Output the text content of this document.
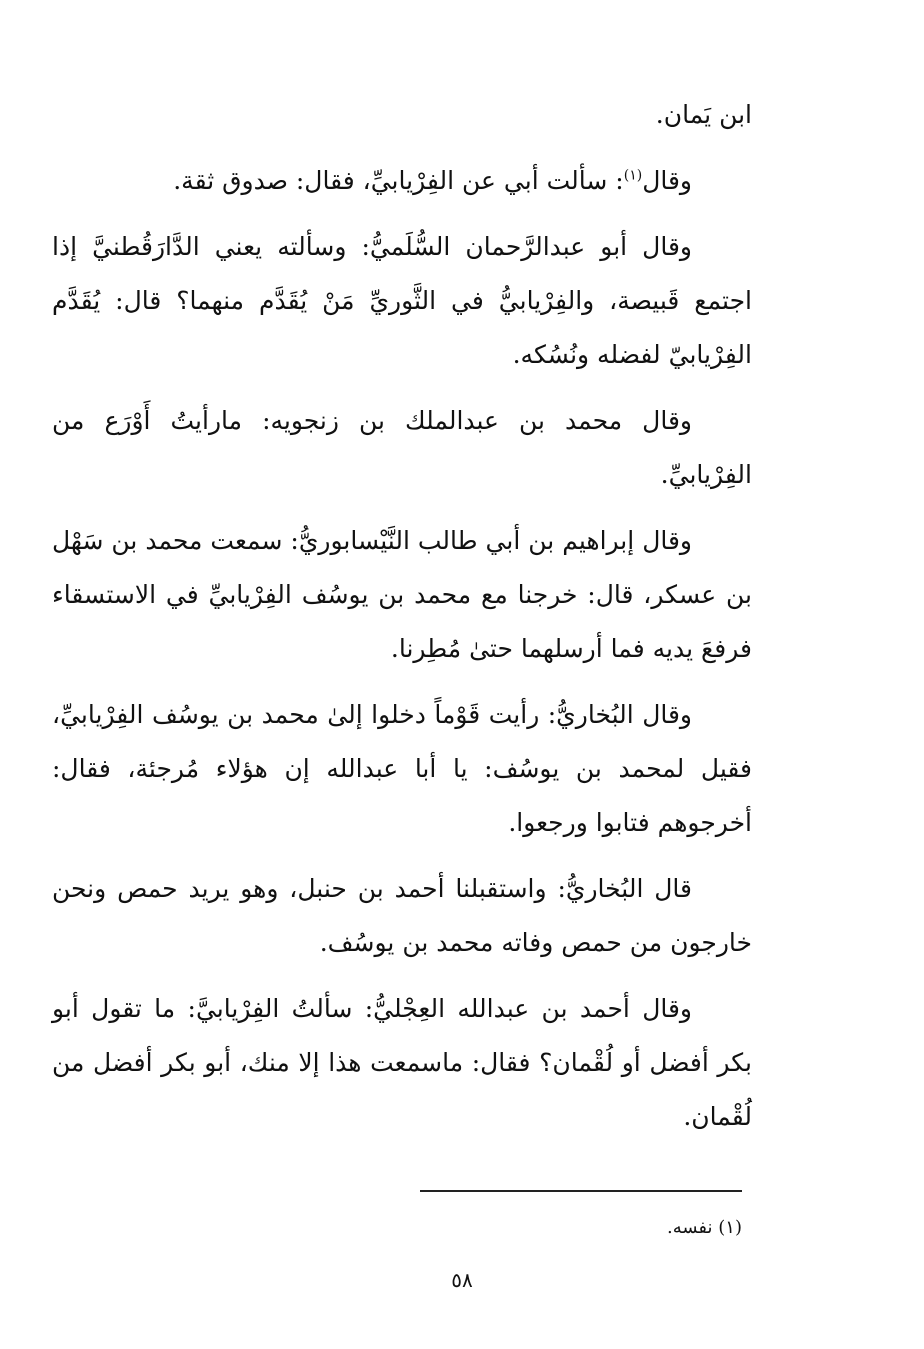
ابن يَمان.

وقال$^{(١)}$: سألت أبي عن الفِرْيابيِّ، فقال: صدوق ثقة.

وقال أبو عبدالرَّحمان السُّلَميُّ: وسألته يعني الدَّارَقُطنيَّ إذا اجتمع قَبيصة، والفِرْيابيُّ في الثَّوريِّ مَنْ يُقَدَّم منهما؟ قال: يُقَدَّم الفِرْيابيّ لفضله ونُسُكه.

وقال محمد بن عبدالملك بن زنجويه: مارأيتُ أَوْرَع من الفِرْيابيِّ.

وقال إبراهيم بن أبي طالب النَّيْسابوريُّ: سمعت محمد بن سَهْل بن عسكر، قال: خرجنا مع محمد بن يوسُف الفِرْيابيِّ في الاستسقاء فرفعَ يديه فما أرسلهما حتىٰ مُطِرنا.

وقال البُخاريُّ: رأيت قَوْماً دخلوا إلىٰ محمد بن يوسُف الفِرْيابيِّ، فقيل لمحمد بن يوسُف: يا أبا عبدالله إن هؤلاء مُرجئة، فقال: أخرجوهم فتابوا ورجعوا.

قال البُخاريُّ: واستقبلنا أحمد بن حنبل، وهو يريد حمص ونحن خارجون من حمص وفاته محمد بن يوسُف.

وقال أحمد بن عبدالله العِجْليُّ: سألتُ الفِرْيابيَّ: ما تقول أبو بكر أفضل أو لُقْمان؟ فقال: ماسمعت هذا إلا منك، أبو بكر أفضل من لُقْمان.

(١) نفسه.
٥٨
